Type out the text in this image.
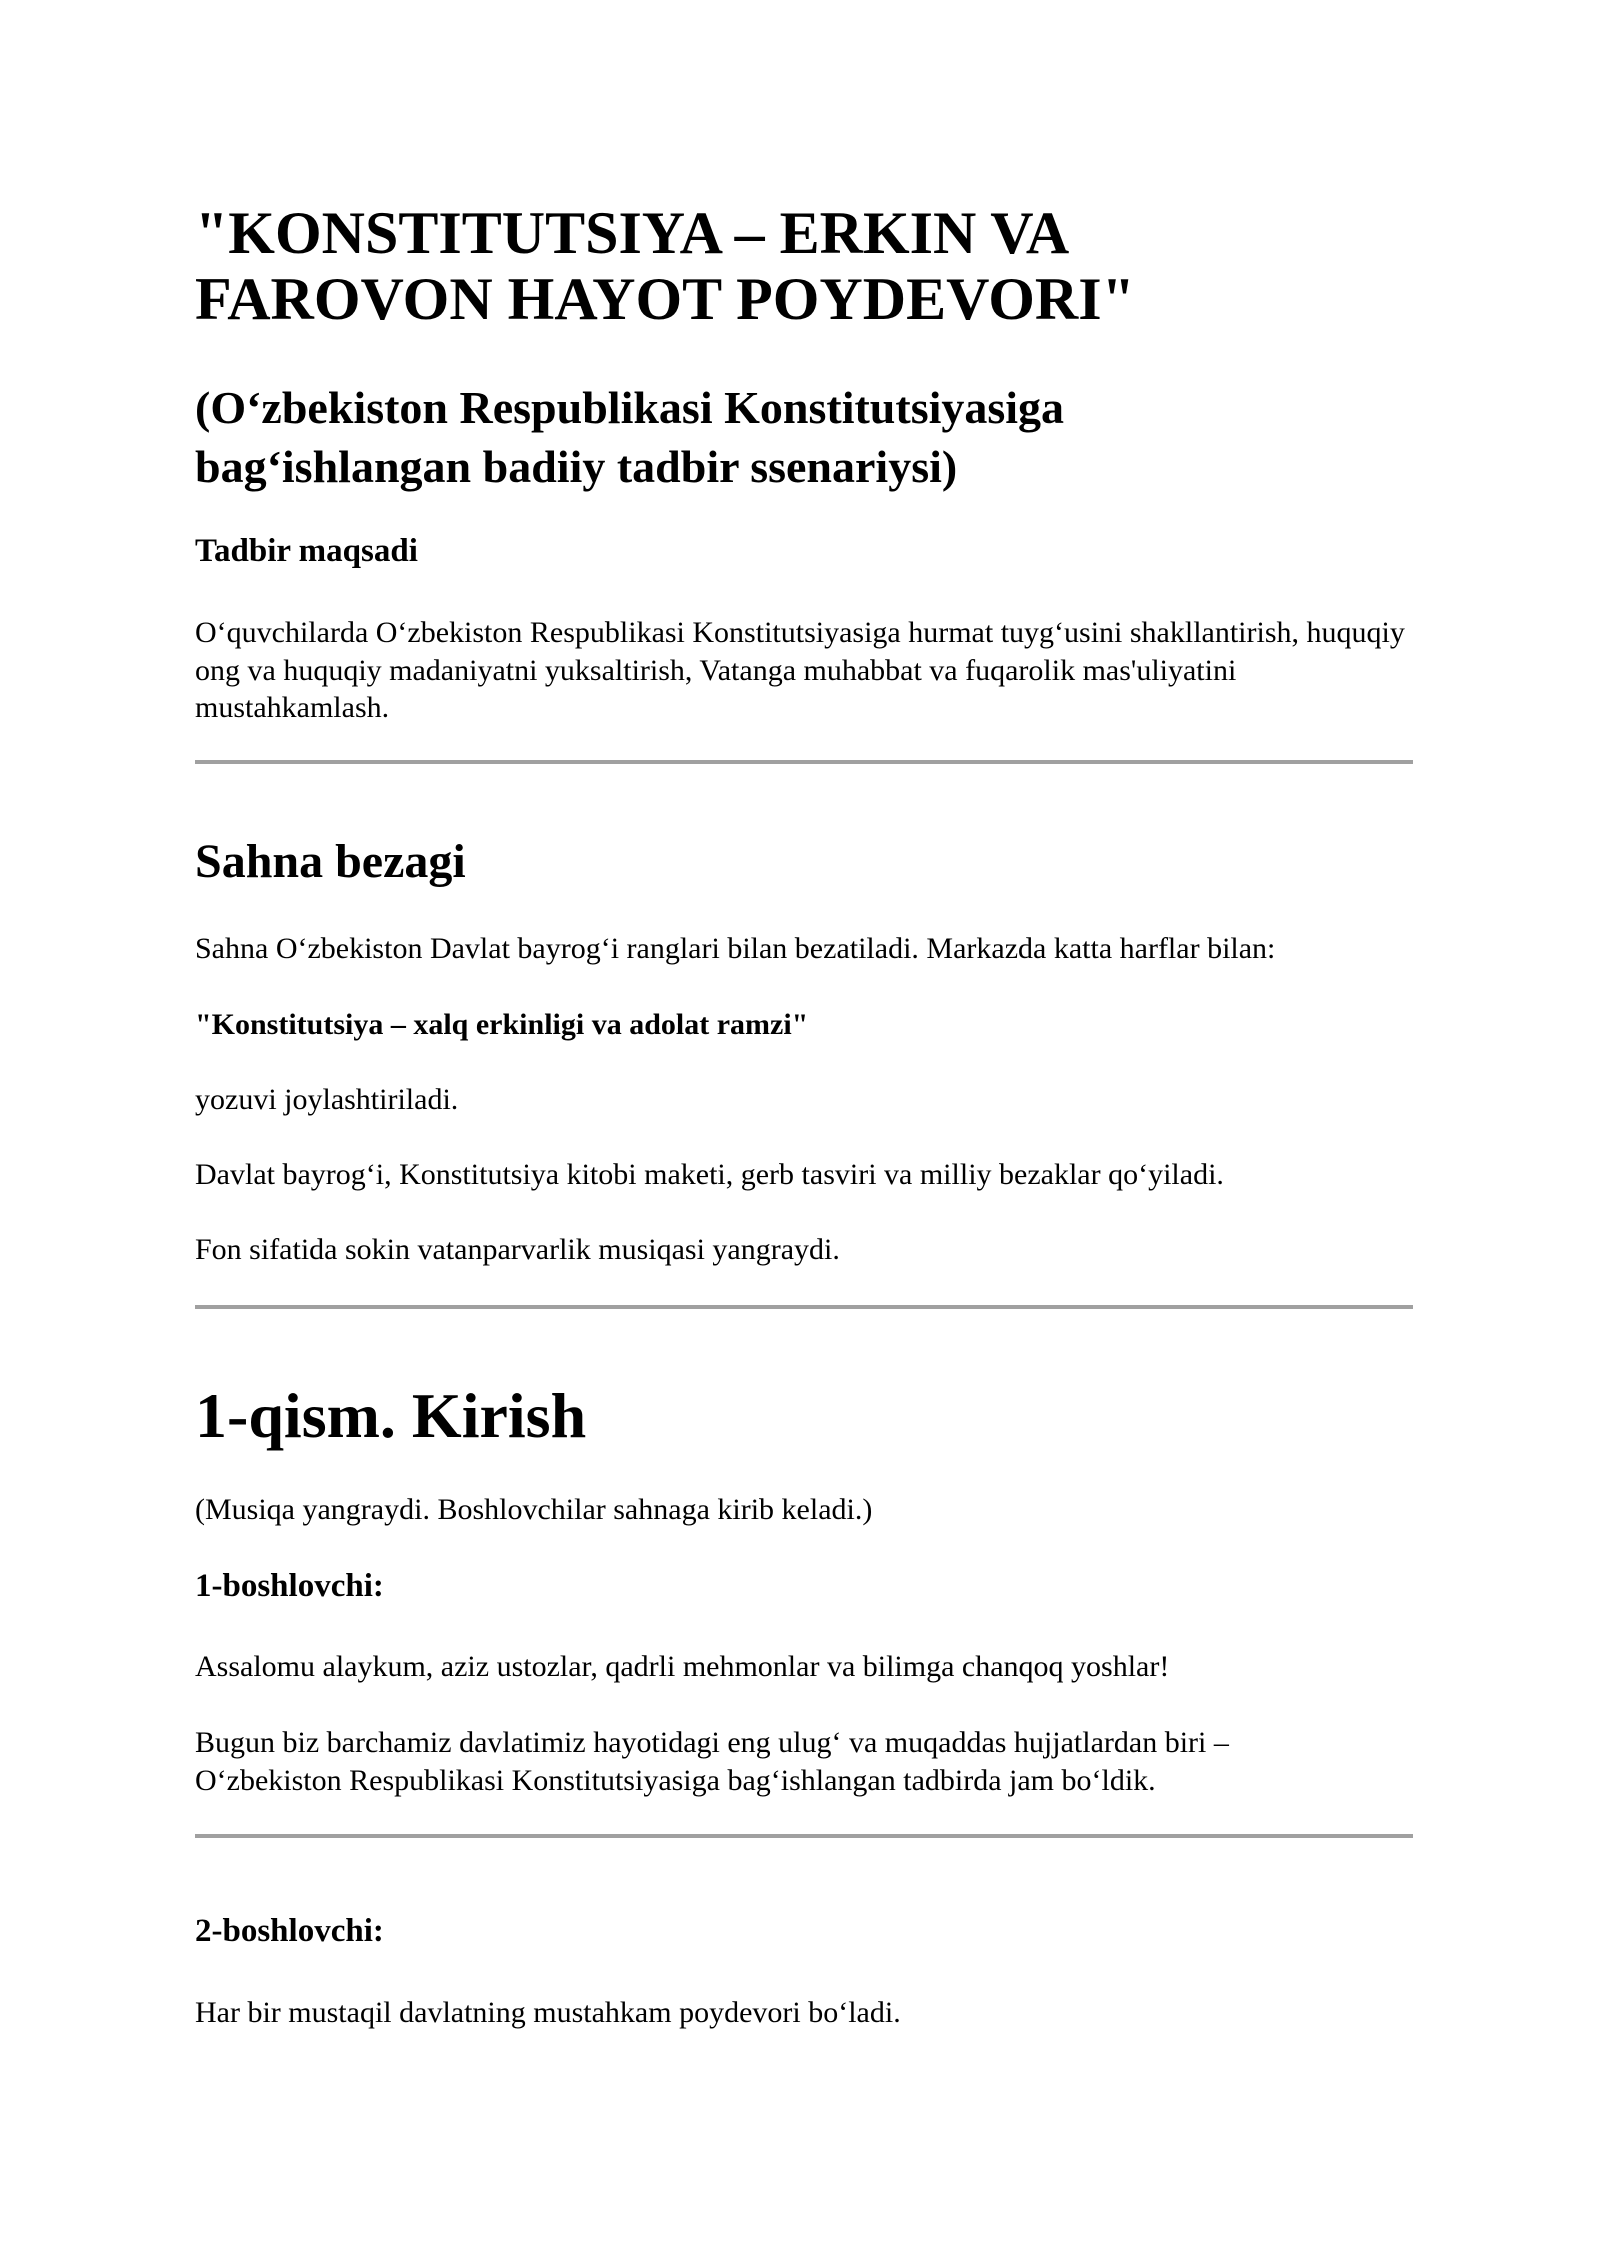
"KONSTITUTSIYA – ERKIN VA FAROVON HAYOT POYDEVORI"
(O‘zbekiston Respublikasi Konstitutsiyasiga bag‘ishlangan badiiy tadbir ssenariysi)
Tadbir maqsadi

O‘quvchilarda O‘zbekiston Respublikasi Konstitutsiyasiga hurmat tuyg‘usini shakllantirish, huquqiy ong va huquqiy madaniyatni yuksaltirish, Vatanga muhabbat va fuqarolik mas'uliyatini mustahkamlash.

Sahna bezagi

Sahna O‘zbekiston Davlat bayrog‘i ranglari bilan bezatiladi. Markazda katta harflar bilan:

"Konstitutsiya – xalq erkinligi va adolat ramzi"

yozuvi joylashtiriladi.

Davlat bayrog‘i, Konstitutsiya kitobi maketi, gerb tasviri va milliy bezaklar qo‘yiladi.

Fon sifatida sokin vatanparvarlik musiqasi yangraydi.

1-qism. Kirish

(Musiqa yangraydi. Boshlovchilar sahnaga kirib keladi.)

1-boshlovchi:

Assalomu alaykum, aziz ustozlar, qadrli mehmonlar va bilimga chanqoq yoshlar!

Bugun biz barchamiz davlatimiz hayotidagi eng ulug‘ va muqaddas hujjatlardan biri – O‘zbekiston Respublikasi Konstitutsiyasiga bag‘ishlangan tadbirda jam bo‘ldik.

2-boshlovchi:

Har bir mustaqil davlatning mustahkam poydevori bo‘ladi.
